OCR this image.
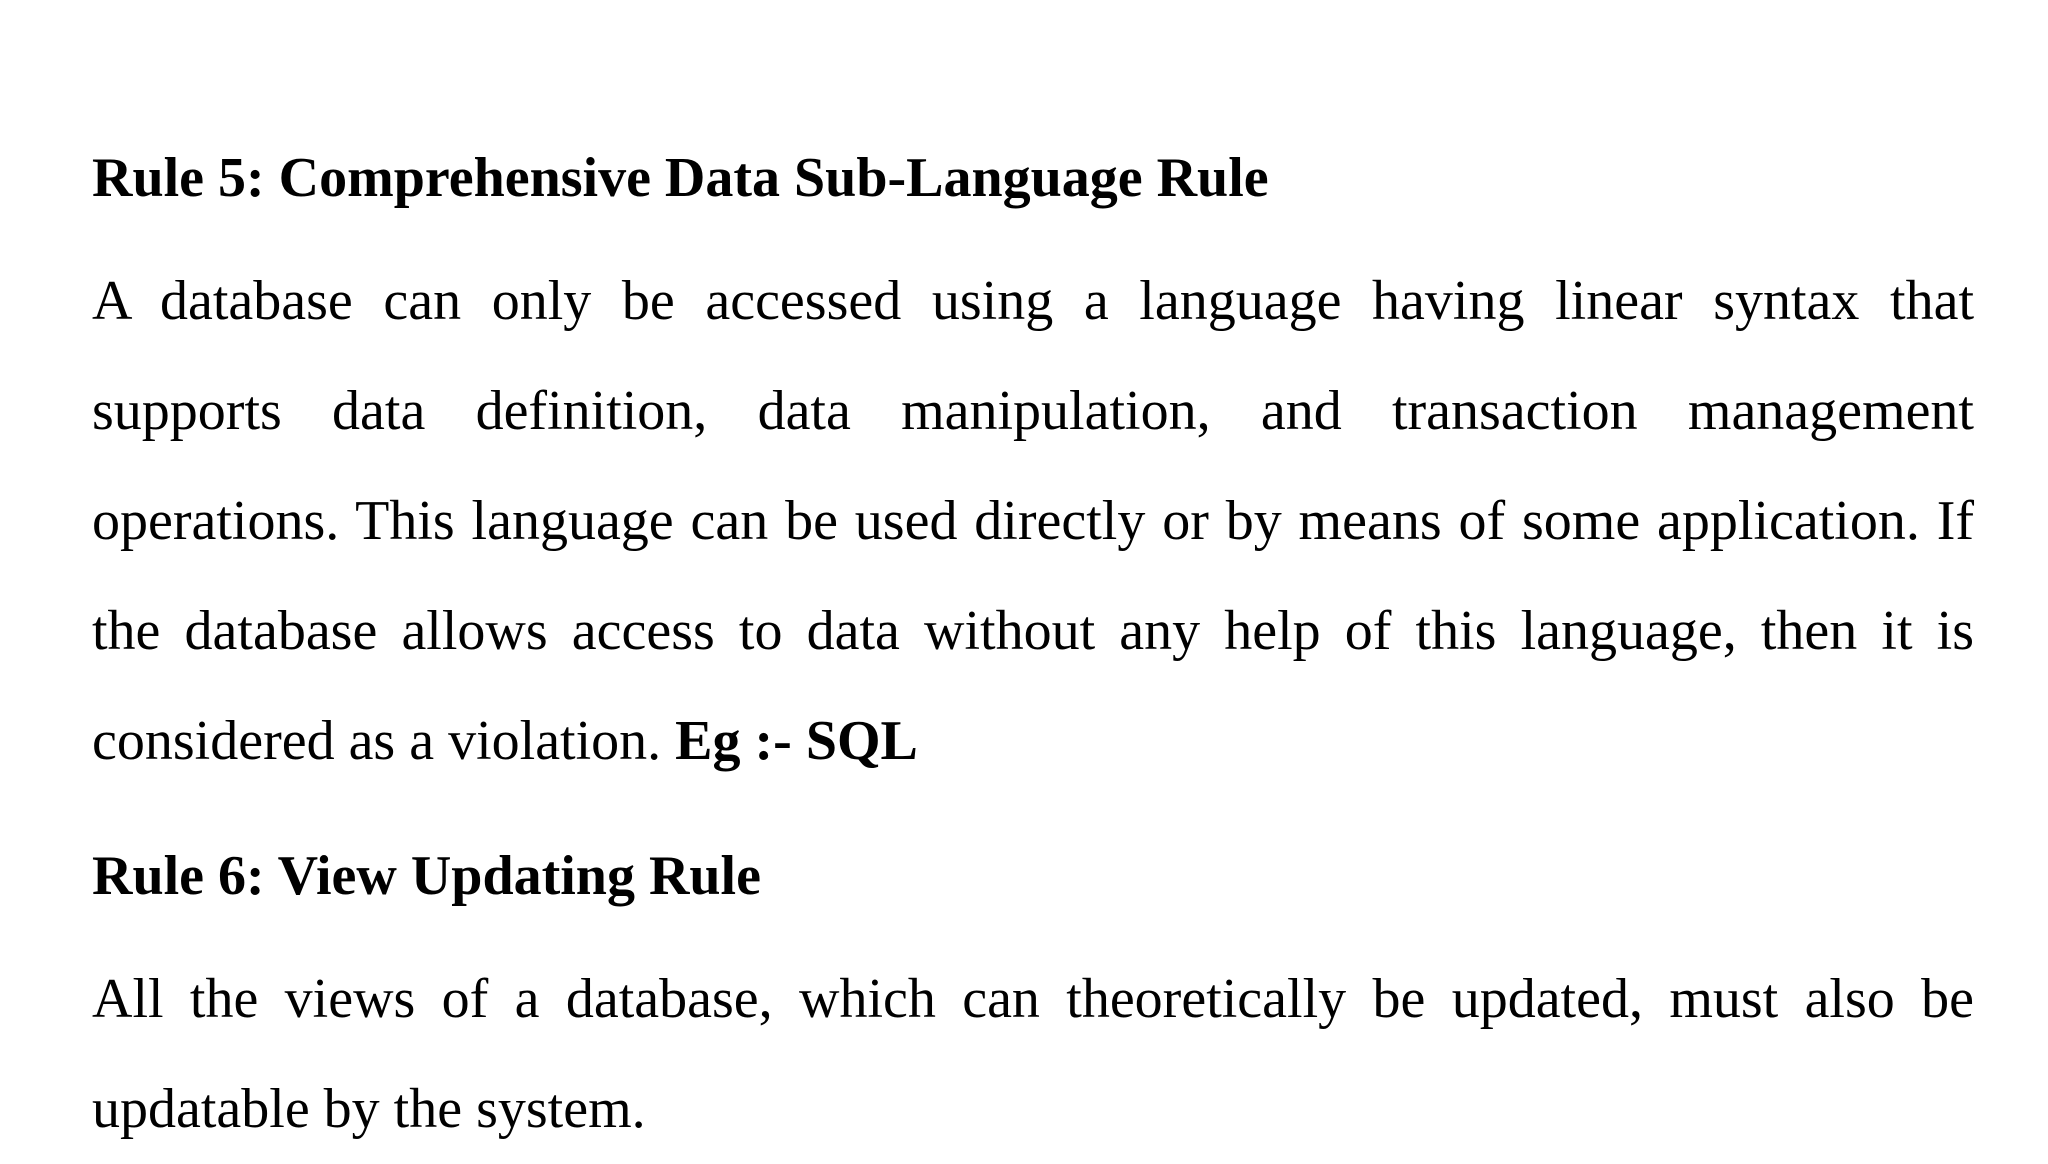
Rule 5: Comprehensive Data Sub-Language Rule

A database can only be accessed using a language having linear syntax that supports data definition, data manipulation, and transaction management operations. This language can be used directly or by means of some application. If the database allows access to data without any help of this language, then it is considered as a violation. Eg :- SQL

Rule 6: View Updating Rule

All the views of a database, which can theoretically be updated, must also be updatable by the system.
